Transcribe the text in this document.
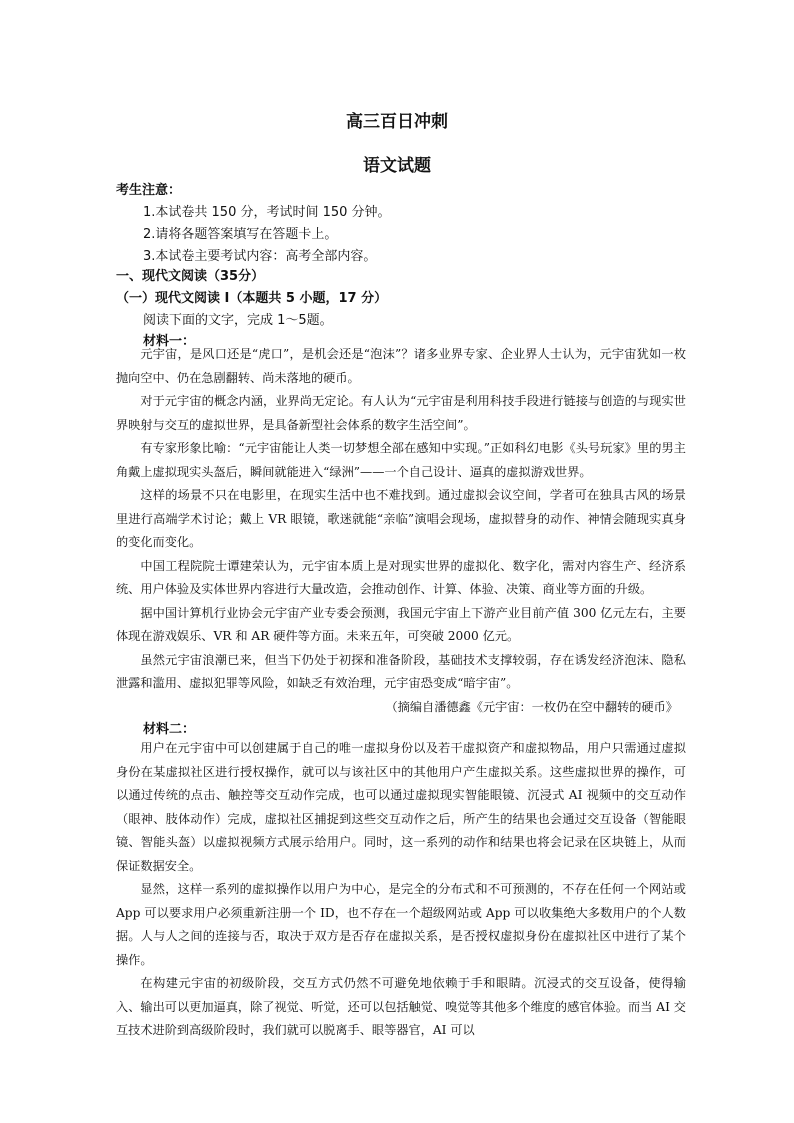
高三百日冲刺
语文试题
考生注意：
1.本试卷共 150 分，考试时间 150 分钟。
2.请将各题答案填写在答题卡上。
3.本试卷主要考试内容：高考全部内容。
一、现代文阅读（35分）
（一）现代文阅读 I（本题共 5 小题，17 分）
阅读下面的文字，完成 1～5题。
材料一：

元宇宙，是风口还是“虎口”，是机会还是“泡沫”？诸多业界专家、企业界人士认为，元宇宙犹如一枚抛向空中、仍在急剧翻转、尚未落地的硬币。

对于元宇宙的概念内涵，业界尚无定论。有人认为“元宇宙是利用科技手段进行链接与创造的与现实世界映射与交互的虚拟世界，是具备新型社会体系的数字生活空间”。

有专家形象比喻：“元宇宙能让人类一切梦想全部在感知中实现。”正如科幻电影《头号玩家》里的男主角戴上虚拟现实头盔后，瞬间就能进入“绿洲”——一个自己设计、逼真的虚拟游戏世界。

这样的场景不只在电影里，在现实生活中也不难找到。通过虚拟会议空间，学者可在独具古风的场景里进行高端学术讨论；戴上 VR 眼镜，歌迷就能“亲临”演唱会现场，虚拟替身的动作、神情会随现实真身的变化而变化。

中国工程院院士谭建荣认为，元宇宙本质上是对现实世界的虚拟化、数字化，需对内容生产、经济系统、用户体验及实体世界内容进行大量改造，会推动创作、计算、体验、决策、商业等方面的升级。

据中国计算机行业协会元宇宙产业专委会预测，我国元宇宙上下游产业目前产值 300 亿元左右，主要体现在游戏娱乐、VR 和 AR 硬件等方面。未来五年，可突破 2000 亿元。

虽然元宇宙浪潮已来，但当下仍处于初探和准备阶段，基础技术支撑较弱，存在诱发经济泡沫、隐私泄露和滥用、虚拟犯罪等风险，如缺乏有效治理，元宇宙恐变成“暗宇宙”。

（摘编自潘德鑫《元宇宙：一枚仍在空中翻转的硬币》
材料二：

用户在元宇宙中可以创建属于自己的唯一虚拟身份以及若干虚拟资产和虚拟物品，用户只需通过虚拟身份在某虚拟社区进行授权操作，就可以与该社区中的其他用户产生虚拟关系。这些虚拟世界的操作，可以通过传统的点击、触控等交互动作完成，也可以通过虚拟现实智能眼镜、沉浸式 AI 视频中的交互动作（眼神、肢体动作）完成，虚拟社区捕捉到这些交互动作之后，所产生的结果也会通过交互设备（智能眼镜、智能头盔）以虚拟视频方式展示给用户。同时，这一系列的动作和结果也将会记录在区块链上，从而保证数据安全。

显然，这样一系列的虚拟操作以用户为中心，是完全的分布式和不可预测的，不存在任何一个网站或 App 可以要求用户必须重新注册一个 ID，也不存在一个超级网站或 App 可以收集绝大多数用户的个人数据。人与人之间的连接与否，取决于双方是否存在虚拟关系，是否授权虚拟身份在虚拟社区中进行了某个操作。

在构建元宇宙的初级阶段，交互方式仍然不可避免地依赖于手和眼睛。沉浸式的交互设备，使得输入、输出可以更加逼真，除了视觉、听觉，还可以包括触觉、嗅觉等其他多个维度的感官体验。而当 AI 交互技术进阶到高级阶段时，我们就可以脱离手、眼等器官，AI 可以
